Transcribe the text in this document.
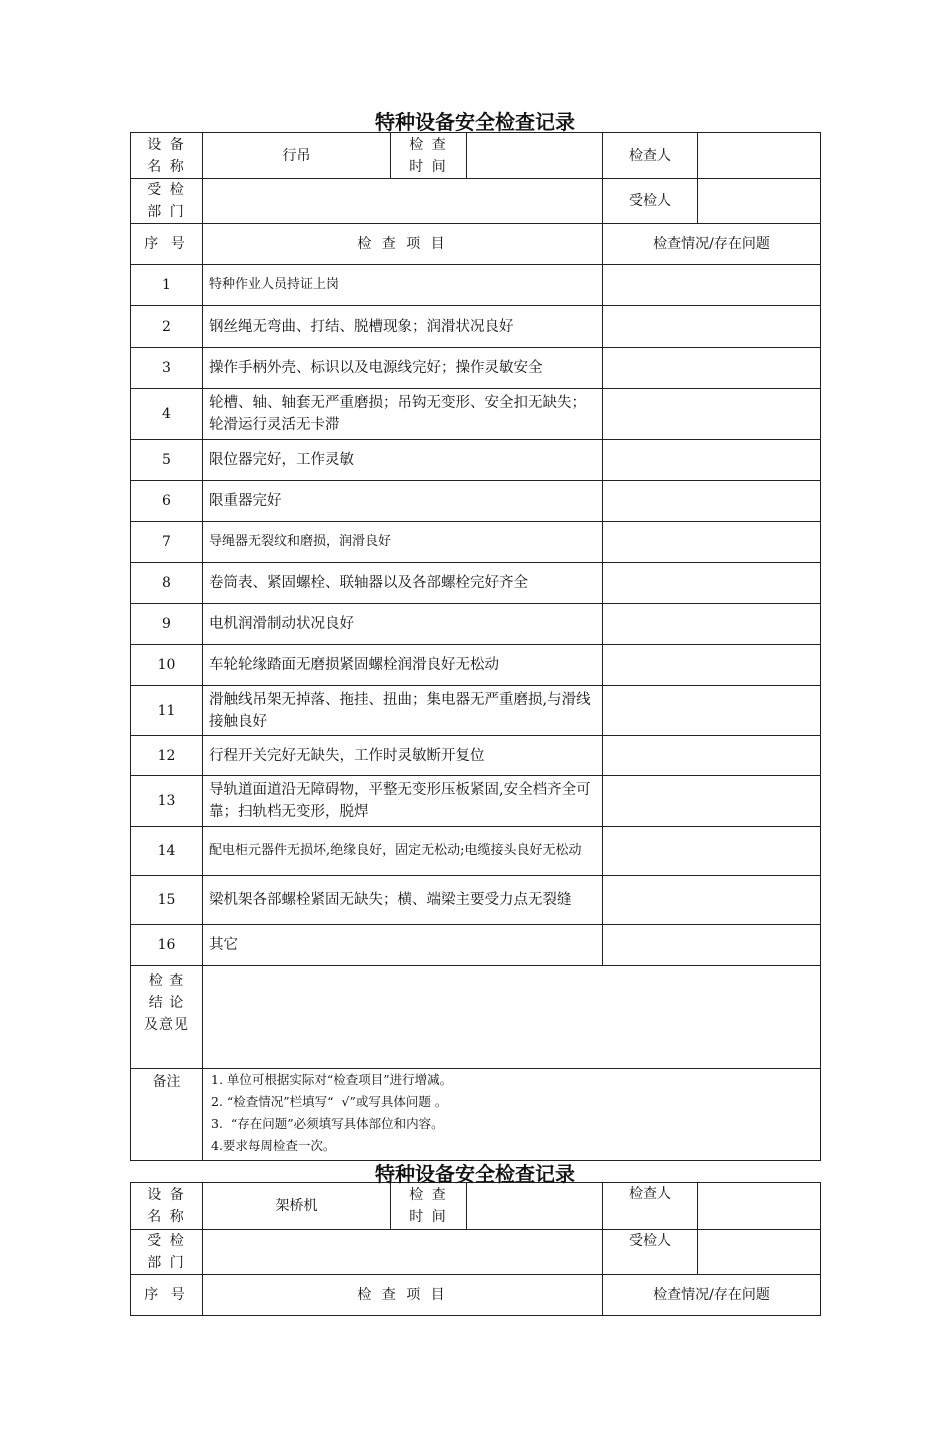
特种设备安全检查记录
设 备
名 称	行吊	检 查
时 间		检查人	
受 检
部 门				受检人	
序 号	检 查 项 目			检查情况/存在问题	
1	特种作业人员持证上岗				
2	钢丝绳无弯曲、打结、脱槽现象；润滑状况良好				
3	操作手柄外壳、标识以及电源线完好；操作灵敏安全				
4	轮槽、轴、轴套无严重磨损；吊钩无变形、安全扣无缺失；轮滑运行灵活无卡滞				
5	限位器完好，工作灵敏				
6	限重器完好				
7	导绳器无裂纹和磨损，润滑良好				
8	卷筒表、紧固螺栓、联轴器以及各部螺栓完好齐全				
9	电机润滑制动状况良好				
10	车轮轮缘踏面无磨损紧固螺栓润滑良好无松动				
11	滑触线吊架无掉落、拖挂、扭曲；集电器无严重磨损,与滑线接触良好				
12	行程开关完好无缺失，工作时灵敏断开复位				
13	导轨道面道沿无障碍物，平整无变形压板紧固,安全档齐全可靠；扫轨档无变形，脱焊				
14	配电柜元器件无损坏,绝缘良好，固定无松动;电缆接头良好无松动				
15	梁机架各部螺栓紧固无缺失；横、端梁主要受力点无裂缝				
16	其它				
检 查
结 论
及意见					
备注	1. 单位可根据实际对“检查项目”进行增减。
2. “检查情况”栏填写“  √”或写具体问题 。
3.  “存在问题”必须填写具体部位和内容。
4.要求每周检查一次。				
特种设备安全检查记录
设 备
名 称	架桥机	检 查
时 间		检查人	
受 检
部 门				受检人	
序 号	检 查 项 目			检查情况/存在问题	
